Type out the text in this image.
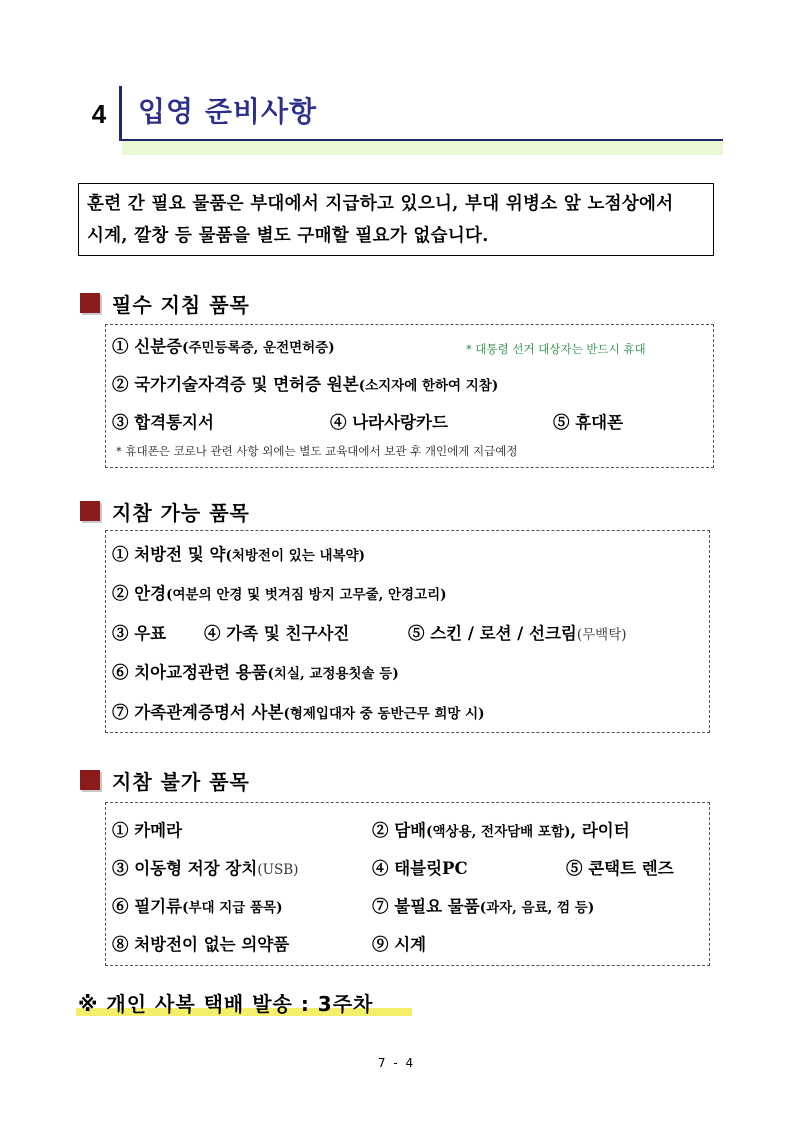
4	입영 준비사항
훈련 간 필요 물품은 부대에서 지급하고 있으니, 부대 위병소 앞 노점상에서
시계, 깔창 등 물품을 별도 구매할 필요가 없습니다.
필수 지침 품목
① 신분증(주민등록증, 운전면허증)	* 대통령 선거 대상자는 반드시 휴대
② 국가기술자격증 및 면허증 원본(소지자에 한하여 지참)
③ 합격통지서	④ 나라사랑카드	⑤ 휴대폰
* 휴대폰은 코로나 관련 사항 외에는 별도 교육대에서 보관 후 개인에게 지급예정
지참 가능 품목
① 처방전 및 약(처방전이 있는 내복약)
② 안경(여분의 안경 및 벗겨짐 방지 고무줄, 안경고리)
③ 우표 ④ 가족 및 친구사진	⑤ 스킨 / 로션 / 선크림(무백탁)
⑥ 치아교정관련 용품(치실, 교정용칫솔 등)
⑦ 가족관계증명서 사본(형제입대자 중 동반근무 희망 시)
지참 불가 품목
① 카메라	② 담배(액상용, 전자담배 포함), 라이터
③ 이동형 저장 장치(USB)	④ 태블릿PC	⑤ 콘택트 렌즈
⑥ 필기류(부대 지급 품목)	⑦ 불필요 물품(과자, 음료, 껌 등)
⑧ 처방전이 없는 의약품	⑨ 시계
※ 개인 사복 택배 발송 : 3주차
7 - 4
